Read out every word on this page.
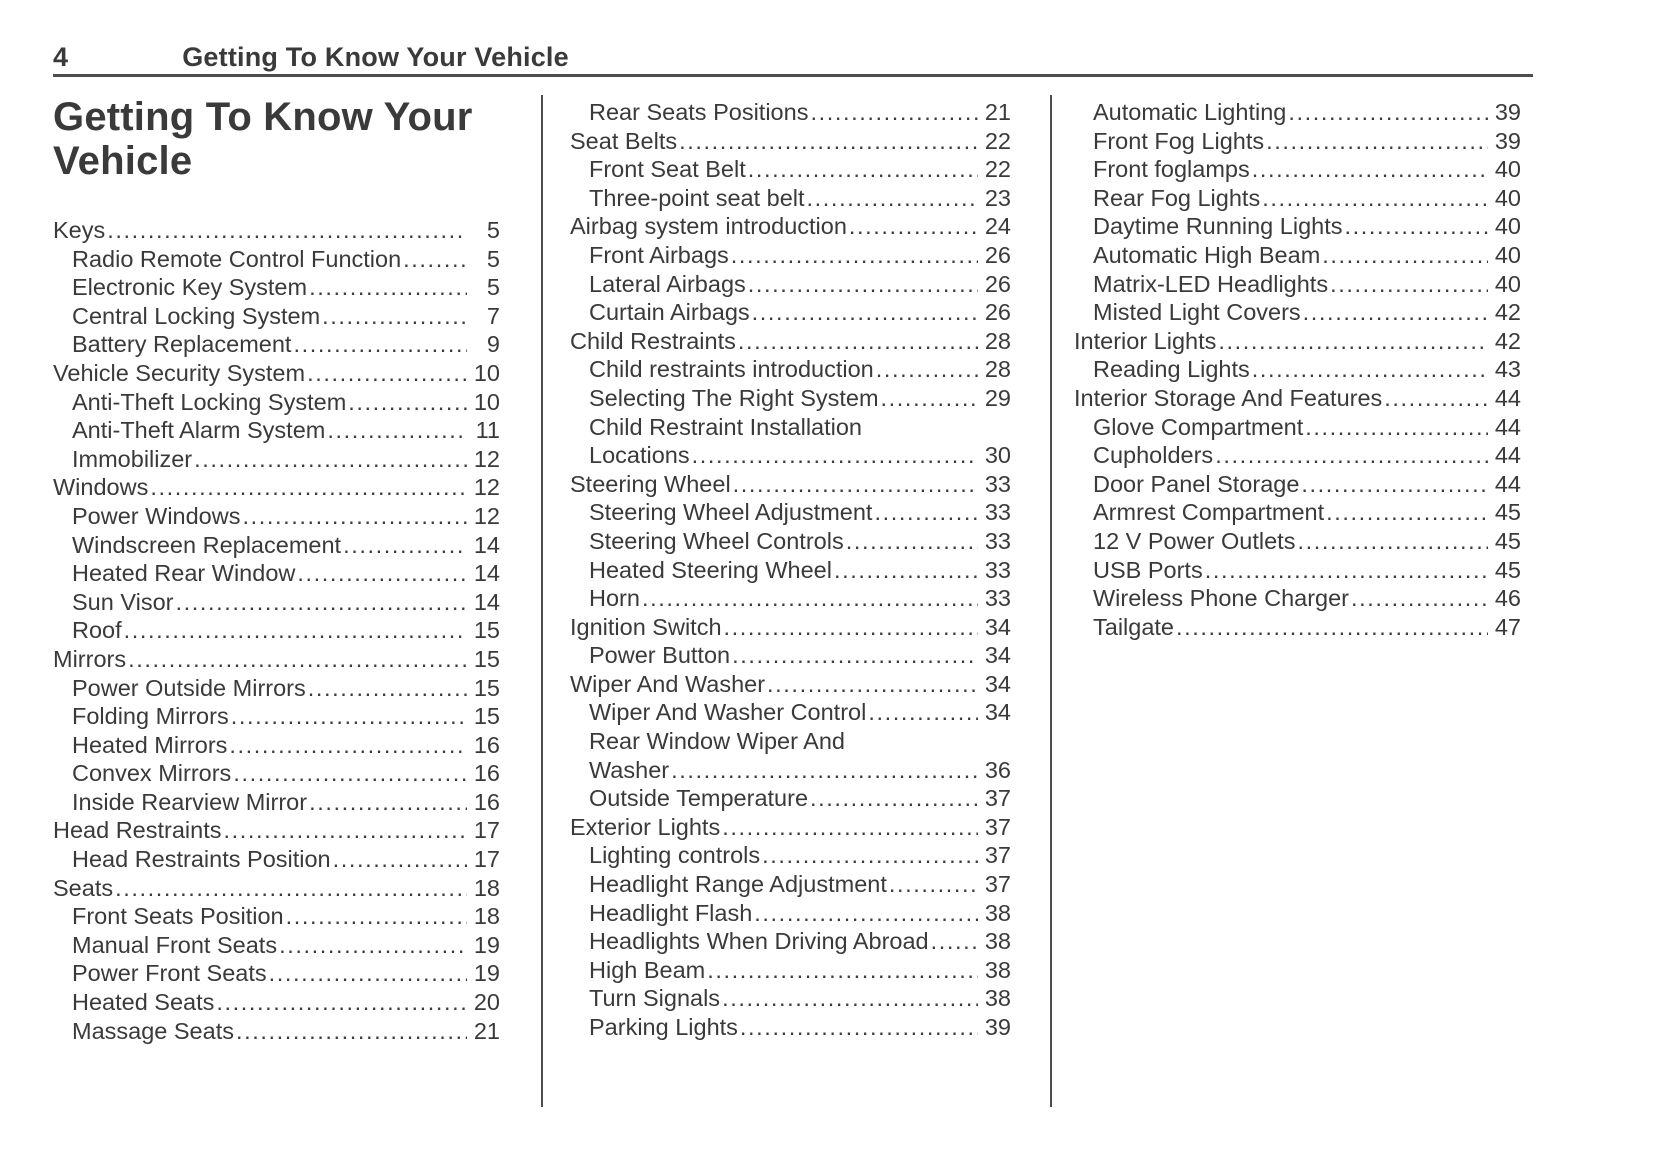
4	Getting To Know Your Vehicle
Getting To Know Your
Vehicle
Keys .....	5
Radio Remote Control Function .....	5
Electronic Key System .....	5
Central Locking System .....	7
Battery Replacement .....	9
Vehicle Security System .....	10
Anti-Theft Locking System .....	10
Anti-Theft Alarm System .....	11
Immobilizer .....	12
Windows .....	12
Power Windows .....	12
Windscreen Replacement .....	14
Heated Rear Window .....	14
Sun Visor .....	14
Roof .....	15
Mirrors .....	15
Power Outside Mirrors .....	15
Folding Mirrors .....	15
Heated Mirrors .....	16
Convex Mirrors .....	16
Inside Rearview Mirror .....	16
Head Restraints .....	17
Head Restraints Position .....	17
Seats .....	18
Front Seats Position .....	18
Manual Front Seats .....	19
Power Front Seats .....	19
Heated Seats .....	20
Massage Seats .....	21
Rear Seats Positions .....	21
Seat Belts .....	22
Front Seat Belt .....	22
Three-point seat belt .....	23
Airbag system introduction .....	24
Front Airbags .....	26
Lateral Airbags .....	26
Curtain Airbags .....	26
Child Restraints .....	28
Child restraints introduction .....	28
Selecting The Right System .....	29
Child Restraint Installation
Locations .....	30
Steering Wheel .....	33
Steering Wheel Adjustment .....	33
Steering Wheel Controls .....	33
Heated Steering Wheel .....	33
Horn .....	33
Ignition Switch .....	34
Power Button .....	34
Wiper And Washer .....	34
Wiper And Washer Control .....	34
Rear Window Wiper And
Washer .....	36
Outside Temperature .....	37
Exterior Lights .....	37
Lighting controls .....	37
Headlight Range Adjustment .....	37
Headlight Flash .....	38
Headlights When Driving Abroad ..... 38
High Beam .....	38
Turn Signals .....	38
Parking Lights .....	39
Automatic Lighting .....	39
Front Fog Lights .....	39
Front foglamps .....	40
Rear Fog Lights .....	40
Daytime Running Lights .....	40
Automatic High Beam .....	40
Matrix-LED Headlights .....	40
Misted Light Covers .....	42
Interior Lights .....	42
Reading Lights .....	43
Interior Storage And Features .....	44
Glove Compartment .....	44
Cupholders .....	44
Door Panel Storage .....	44
Armrest Compartment .....	45
12 V Power Outlets .....	45
USB Ports .....	45
Wireless Phone Charger .....	46
Tailgate .....	47
